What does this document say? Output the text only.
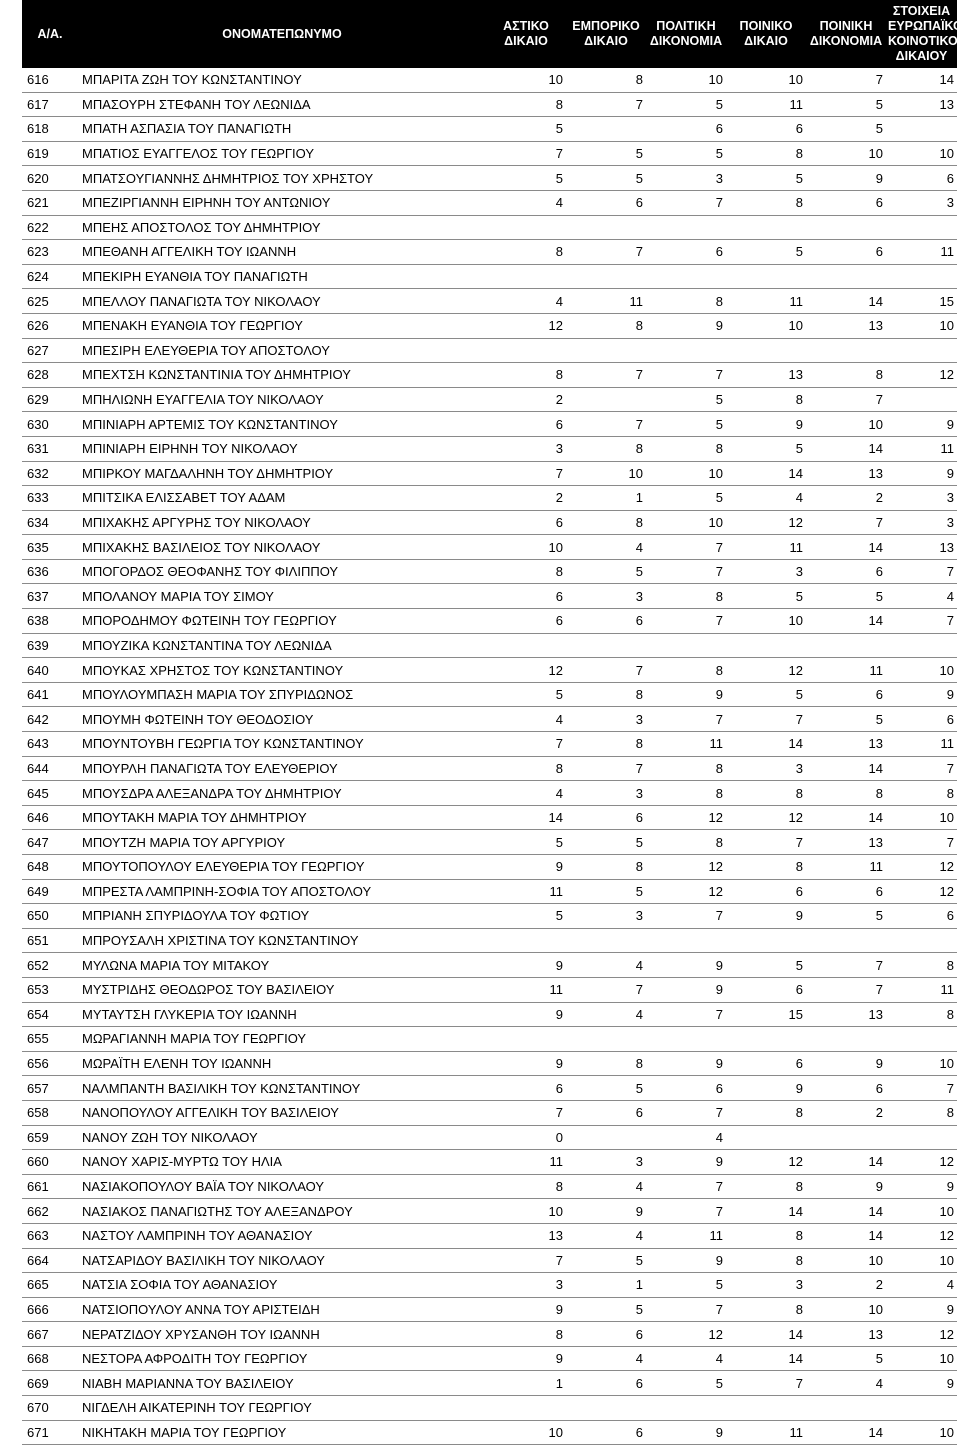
Α/Α.	ΟΝΟΜΑΤΕΠΩΝΥΜΟ	ΑΣΤΙΚΟ ΔΙΚΑΙΟ	ΕΜΠΟΡΙΚΟ ΔΙΚΑΙΟ	ΠΟΛΙΤΙΚΗ ΔΙΚΟΝΟΜΙΑ	ΠΟΙΝΙΚΟ ΔΙΚΑΙΟ	ΠΟΙΝΙΚΗ ΔΙΚΟΝΟΜΙΑ	ΣΤΟΙΧΕΙΑ ΕΥΡΩΠΑΪΚΟΥ ΚΟΙΝΟΤΙΚΟΥ ΔΙΚΑΙΟΥ
616	ΜΠΑΡΙΤΑ ΖΩΗ ΤΟΥ ΚΩΝΣΤΑΝΤΙΝΟΥ	10	8	10	10	7	14
617	ΜΠΑΣΟΥΡΗ ΣΤΕΦΑΝΗ ΤΟΥ ΛΕΩΝΙΔΑ	8	7	5	11	5	13
618	ΜΠΑΤΗ ΑΣΠΑΣΙΑ ΤΟΥ ΠΑΝΑΓΙΩΤΗ	5		6	6	5	
619	ΜΠΑΤΙΟΣ ΕΥΑΓΓΕΛΟΣ ΤΟΥ ΓΕΩΡΓΙΟΥ	7	5	5	8	10	10
620	ΜΠΑΤΣΟΥΓΙΑΝΝΗΣ ΔΗΜΗΤΡΙΟΣ ΤΟΥ ΧΡΗΣΤΟΥ	5	5	3	5	9	6
621	ΜΠΕΖΙΡΓΙΑΝΝΗ ΕΙΡΗΝΗ ΤΟΥ ΑΝΤΩΝΙΟΥ	4	6	7	8	6	3
622	ΜΠΕΗΣ ΑΠΟΣΤΟΛΟΣ ΤΟΥ ΔΗΜΗΤΡΙΟΥ						
623	ΜΠΕΘΑΝΗ ΑΓΓΕΛΙΚΗ ΤΟΥ ΙΩΑΝΝΗ	8	7	6	5	6	11
624	ΜΠΕΚΙΡΗ ΕΥΑΝΘΙΑ ΤΟΥ ΠΑΝΑΓΙΩΤΗ						
625	ΜΠΕΛΛΟΥ ΠΑΝΑΓΙΩΤΑ ΤΟΥ ΝΙΚΟΛΑΟΥ	4	11	8	11	14	15
626	ΜΠΕΝΑΚΗ ΕΥΑΝΘΙΑ ΤΟΥ ΓΕΩΡΓΙΟΥ	12	8	9	10	13	10
627	ΜΠΕΣΙΡΗ ΕΛΕΥΘΕΡΙΑ ΤΟΥ ΑΠΟΣΤΟΛΟΥ						
628	ΜΠΕΧΤΣΗ ΚΩΝΣΤΑΝΤΙΝΙΑ ΤΟΥ ΔΗΜΗΤΡΙΟΥ	8	7	7	13	8	12
629	ΜΠΗΛΙΩΝΗ ΕΥΑΓΓΕΛΙΑ ΤΟΥ ΝΙΚΟΛΑΟΥ	2		5	8	7	
630	ΜΠΙΝΙΑΡΗ ΑΡΤΕΜΙΣ ΤΟΥ ΚΩΝΣΤΑΝΤΙΝΟΥ	6	7	5	9	10	9
631	ΜΠΙΝΙΑΡΗ ΕΙΡΗΝΗ ΤΟΥ ΝΙΚΟΛΑΟΥ	3	8	8	5	14	11
632	ΜΠΙΡΚΟΥ ΜΑΓΔΑΛΗΝΗ ΤΟΥ ΔΗΜΗΤΡΙΟΥ	7	10	10	14	13	9
633	ΜΠΙΤΣΙΚΑ ΕΛΙΣΣΑΒΕΤ ΤΟΥ ΑΔΑΜ	2	1	5	4	2	3
634	ΜΠΙΧΑΚΗΣ ΑΡΓΥΡΗΣ ΤΟΥ ΝΙΚΟΛΑΟΥ	6	8	10	12	7	3
635	ΜΠΙΧΑΚΗΣ ΒΑΣΙΛΕΙΟΣ ΤΟΥ ΝΙΚΟΛΑΟΥ	10	4	7	11	14	13
636	ΜΠΟΓΟΡΔΟΣ ΘΕΟΦΑΝΗΣ ΤΟΥ ΦΙΛΙΠΠΟΥ	8	5	7	3	6	7
637	ΜΠΟΛΑΝΟΥ ΜΑΡΙΑ ΤΟΥ ΣΙΜΟΥ	6	3	8	5	5	4
638	ΜΠΟΡΟΔΗΜΟΥ ΦΩΤΕΙΝΗ ΤΟΥ ΓΕΩΡΓΙΟΥ	6	6	7	10	14	7
639	ΜΠΟΥΖΙΚΑ ΚΩΝΣΤΑΝΤΙΝΑ ΤΟΥ ΛΕΩΝΙΔΑ						
640	ΜΠΟΥΚΑΣ ΧΡΗΣΤΟΣ ΤΟΥ ΚΩΝΣΤΑΝΤΙΝΟΥ	12	7	8	12	11	10
641	ΜΠΟΥΛΟΥΜΠΑΣΗ ΜΑΡΙΑ ΤΟΥ ΣΠΥΡΙΔΩΝΟΣ	5	8	9	5	6	9
642	ΜΠΟΥΜΗ ΦΩΤΕΙΝΗ ΤΟΥ ΘΕΟΔΟΣΙΟΥ	4	3	7	7	5	6
643	ΜΠΟΥΝΤΟΥΒΗ ΓΕΩΡΓΙΑ ΤΟΥ ΚΩΝΣΤΑΝΤΙΝΟΥ	7	8	11	14	13	11
644	ΜΠΟΥΡΛΗ ΠΑΝΑΓΙΩΤΑ ΤΟΥ ΕΛΕΥΘΕΡΙΟΥ	8	7	8	3	14	7
645	ΜΠΟΥΣΔΡΑ ΑΛΕΞΑΝΔΡΑ ΤΟΥ ΔΗΜΗΤΡΙΟΥ	4	3	8	8	8	8
646	ΜΠΟΥΤΑΚΗ ΜΑΡΙΑ ΤΟΥ ΔΗΜΗΤΡΙΟΥ	14	6	12	12	14	10
647	ΜΠΟΥΤΖΗ ΜΑΡΙΑ ΤΟΥ ΑΡΓΥΡΙΟΥ	5	5	8	7	13	7
648	ΜΠΟΥΤΟΠΟΥΛΟΥ ΕΛΕΥΘΕΡΙΑ ΤΟΥ ΓΕΩΡΓΙΟΥ	9	8	12	8	11	12
649	ΜΠΡΕΣΤΑ ΛΑΜΠΡΙΝΗ-ΣΟΦΙΑ ΤΟΥ ΑΠΟΣΤΟΛΟΥ	11	5	12	6	6	12
650	ΜΠΡΙΑΝΗ ΣΠΥΡΙΔΟΥΛΑ ΤΟΥ ΦΩΤΙΟΥ	5	3	7	9	5	6
651	ΜΠΡΟΥΣΑΛΗ ΧΡΙΣΤΙΝΑ ΤΟΥ ΚΩΝΣΤΑΝΤΙΝΟΥ						
652	ΜΥΛΩΝΑ ΜΑΡΙΑ ΤΟΥ ΜΙΤΑΚΟΥ	9	4	9	5	7	8
653	ΜΥΣΤΡΙΔΗΣ ΘΕΟΔΩΡΟΣ ΤΟΥ ΒΑΣΙΛΕΙΟΥ	11	7	9	6	7	11
654	ΜΥΤΑΥΤΣΗ ΓΛΥΚΕΡΙΑ ΤΟΥ ΙΩΑΝΝΗ	9	4	7	15	13	8
655	ΜΩΡΑΓΙΑΝΝΗ ΜΑΡΙΑ ΤΟΥ ΓΕΩΡΓΙΟΥ						
656	ΜΩΡΑΪΤΗ ΕΛΕΝΗ ΤΟΥ ΙΩΑΝΝΗ	9	8	9	6	9	10
657	ΝΑΛΜΠΑΝΤΗ ΒΑΣΙΛΙΚΗ ΤΟΥ ΚΩΝΣΤΑΝΤΙΝΟΥ	6	5	6	9	6	7
658	ΝΑΝΟΠΟΥΛΟΥ ΑΓΓΕΛΙΚΗ ΤΟΥ ΒΑΣΙΛΕΙΟΥ	7	6	7	8	2	8
659	ΝΑΝΟΥ ΖΩΗ ΤΟΥ ΝΙΚΟΛΑΟΥ	0		4			
660	ΝΑΝΟΥ ΧΑΡΙΣ-ΜΥΡΤΩ ΤΟΥ ΗΛΙΑ	11	3	9	12	14	12
661	ΝΑΣΙΑΚΟΠΟΥΛΟΥ ΒΑΪΑ ΤΟΥ ΝΙΚΟΛΑΟΥ	8	4	7	8	9	9
662	ΝΑΣΙΑΚΟΣ ΠΑΝΑΓΙΩΤΗΣ ΤΟΥ ΑΛΕΞΑΝΔΡΟΥ	10	9	7	14	14	10
663	ΝΑΣΤΟΥ ΛΑΜΠΡΙΝΗ ΤΟΥ ΑΘΑΝΑΣΙΟΥ	13	4	11	8	14	12
664	ΝΑΤΣΑΡΙΔΟΥ ΒΑΣΙΛΙΚΗ ΤΟΥ ΝΙΚΟΛΑΟΥ	7	5	9	8	10	10
665	ΝΑΤΣΙΑ ΣΟΦΙΑ ΤΟΥ ΑΘΑΝΑΣΙΟΥ	3	1	5	3	2	4
666	ΝΑΤΣΙΟΠΟΥΛΟΥ ΑΝΝΑ ΤΟΥ ΑΡΙΣΤΕΙΔΗ	9	5	7	8	10	9
667	ΝΕΡΑΤΖΙΔΟΥ ΧΡΥΣΑΝΘΗ ΤΟΥ ΙΩΑΝΝΗ	8	6	12	14	13	12
668	ΝΕΣΤΟΡΑ ΑΦΡΟΔΙΤΗ ΤΟΥ ΓΕΩΡΓΙΟΥ	9	4	4	14	5	10
669	ΝΙΑΒΗ ΜΑΡΙΑΝΝΑ ΤΟΥ ΒΑΣΙΛΕΙΟΥ	1	6	5	7	4	9
670	ΝΙΓΔΕΛΗ ΑΙΚΑΤΕΡΙΝΗ ΤΟΥ ΓΕΩΡΓΙΟΥ						
671	ΝΙΚΗΤΑΚΗ ΜΑΡΙΑ ΤΟΥ ΓΕΩΡΓΙΟΥ	10	6	9	11	14	10
